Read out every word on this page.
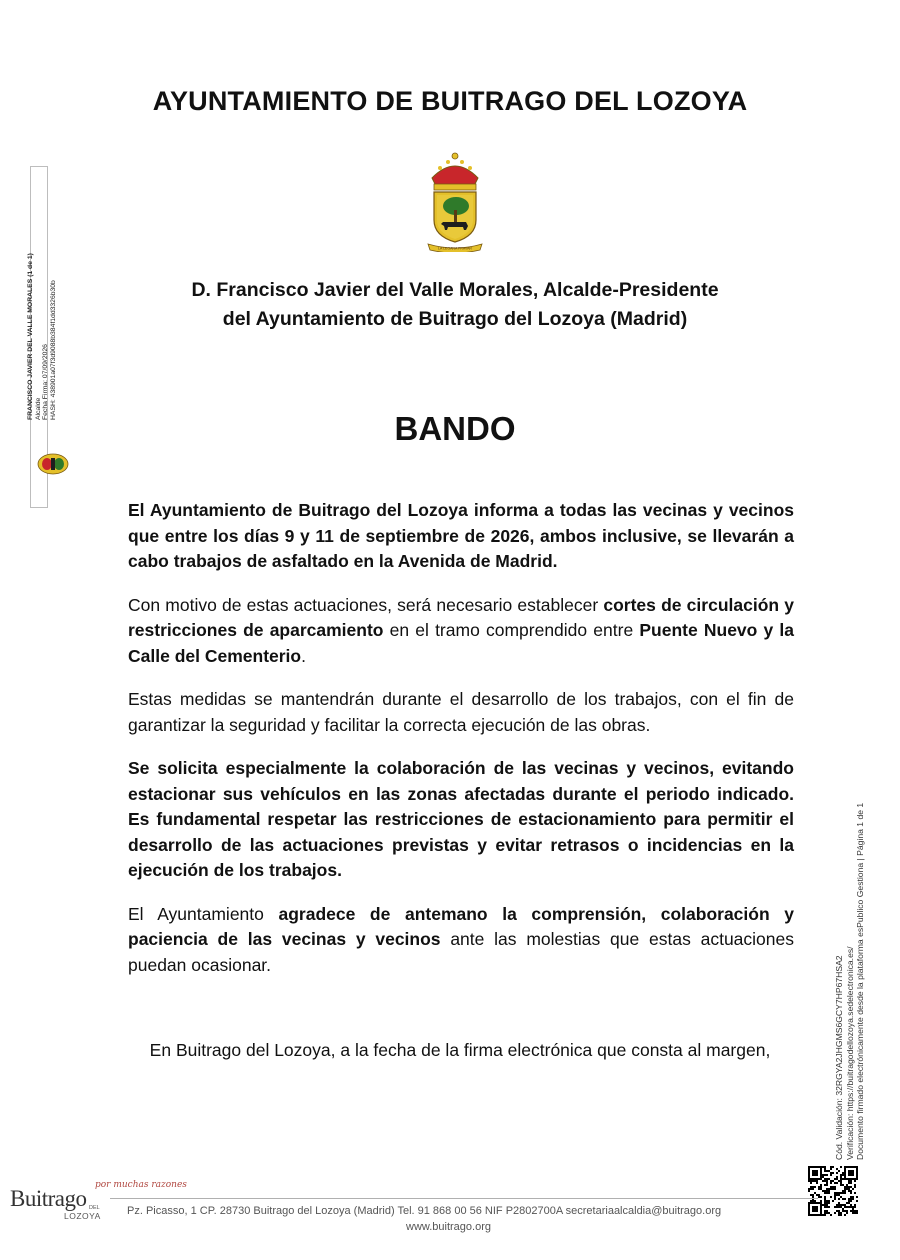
AYUNTAMIENTO DE BUITRAGO DEL LOZOYA
LA LEGANA PRAVAR
D. Francisco Javier del Valle Morales, Alcalde-Presidente
del Ayuntamiento de Buitrago del Lozoya (Madrid)
BANDO

El Ayuntamiento de Buitrago del Lozoya informa a todas las vecinas y vecinos que entre los días 9 y 11 de septiembre de 2026, ambos inclusive, se llevarán a cabo trabajos de asfaltado en la Avenida de Madrid.

Con motivo de estas actuaciones, será necesario establecer cortes de circulación y restricciones de aparcamiento en el tramo comprendido entre Puente Nuevo y la Calle del Cementerio.

Estas medidas se mantendrán durante el desarrollo de los trabajos, con el fin de garantizar la seguridad y facilitar la correcta ejecución de las obras.

Se solicita especialmente la colaboración de las vecinas y vecinos, evitando estacionar sus vehículos en las zonas afectadas durante el periodo indicado. Es fundamental respetar las restricciones de estacionamiento para permitir el desarrollo de las actuaciones previstas y evitar retrasos o incidencias en la ejecución de los trabajos.

El Ayuntamiento agradece de antemano la comprensión, colaboración y paciencia de las vecinas y vecinos ante las molestias que estas actuaciones puedan ocasionar.

En Buitrago del Lozoya, a la fecha de la firma electrónica que consta al margen,
FRANCISCO JAVIER DEL VALLE MORALES (1 de 1) Alcalde Fecha Firma: 07/09/2026 HASH: 438901a07f3d9088b384f1dd3326b30b
Cód. Validación: 32RGYA2JHGMS6GCY7HP67HSA2 Verificación: https://buitragodellozoya.sedelectronica.es/ Documento firmado electrónicamente desde la plataforma esPublico Gestiona | Página 1 de 1
por muchas razones
Buitrago DEL
LOZOYA Pz. Picasso, 1 CP. 28730 Buitrago del Lozoya (Madrid) Tel. 91 868 00 56 NIF P2802700A secretariaalcaldia@buitrago.org
www.buitrago.org
